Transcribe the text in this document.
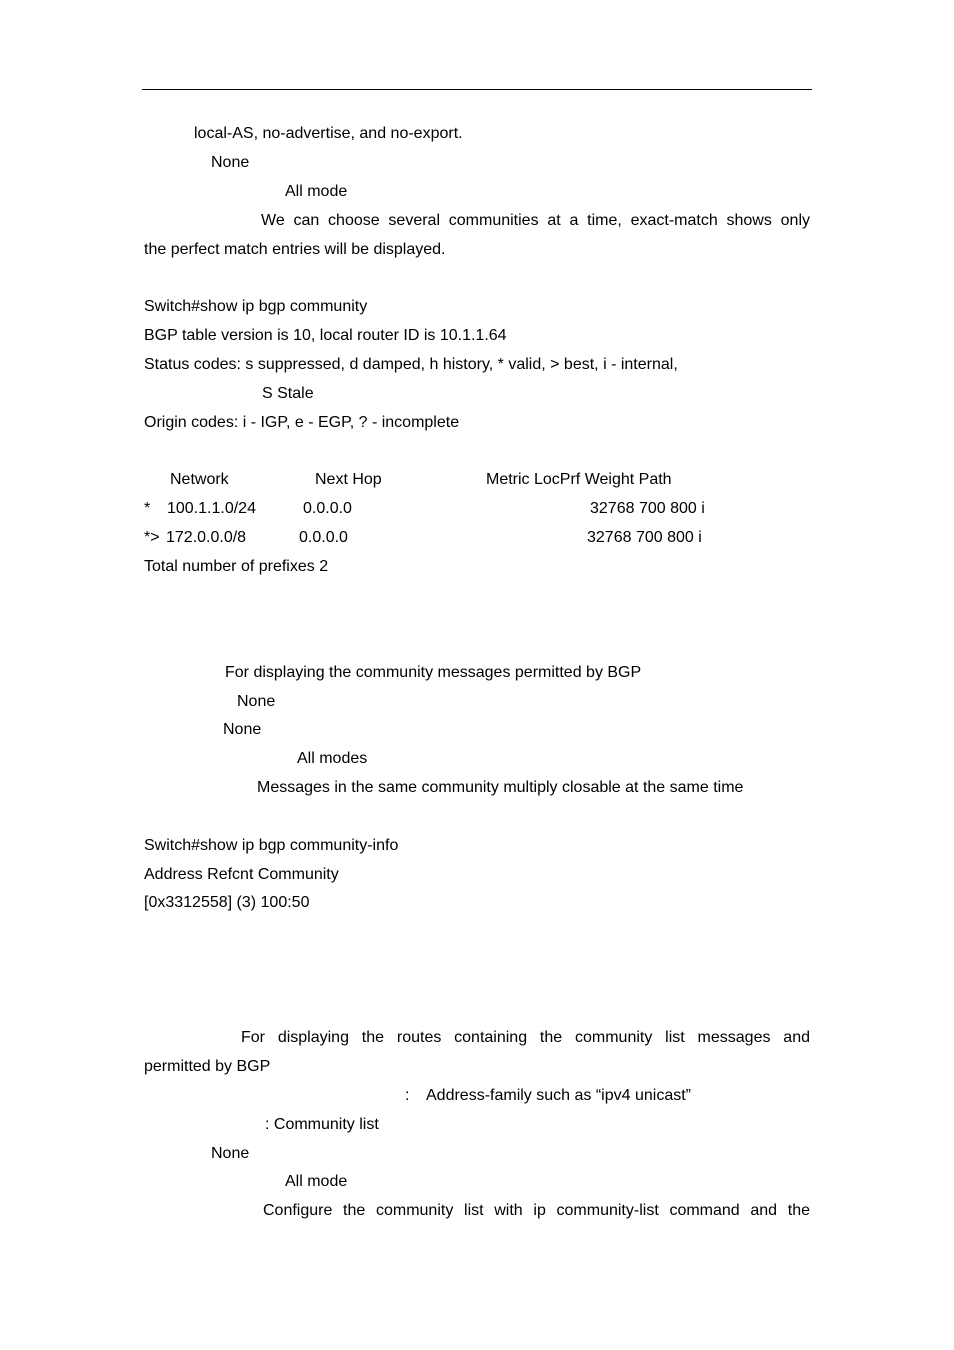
local-AS, no-advertise, and no-export.
None
All mode
We can choose several communities at a time, exact-match shows only
the perfect match entries will be displayed.
Switch#show ip bgp community
BGP table version is 10, local router ID is 10.1.1.64
Status codes: s suppressed, d damped, h history, * valid, > best, i - internal,
S Stale
Origin codes: i - IGP, e - EGP, ? - incomplete
Network	Next Hop	Metric LocPrf Weight Path
* 100.1.1.0/24	0.0.0.0	32768 700 800 i
*> 172.0.0.0/8	0.0.0.0	32768 700 800 i
Total number of prefixes 2
For displaying the community messages permitted by BGP
None
None
All modes
Messages in the same community multiply closable at the same time
Switch#show ip bgp community-info
Address Refcnt Community
[0x3312558] (3) 100:50
For displaying the routes containing the community list messages and
permitted by BGP
: Address-family such as “ipv4 unicast”
: Community list
None
All mode
Configure the community list with ip community-list command and the
